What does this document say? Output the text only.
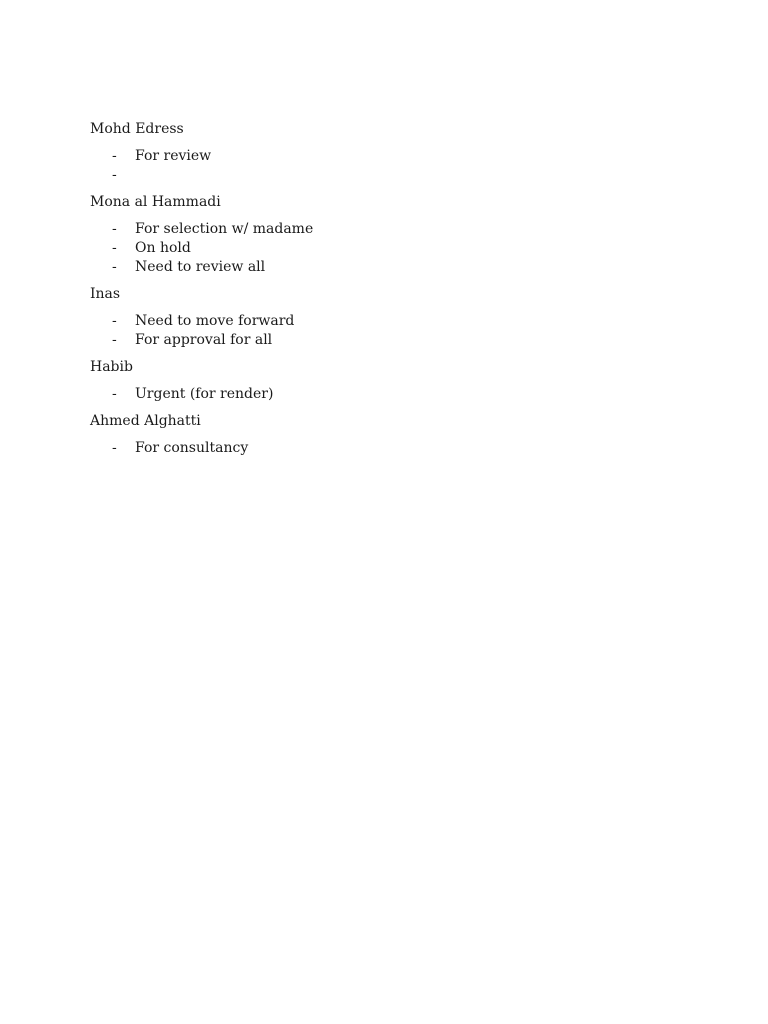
Mohd Edress
- For review
-
Mona al Hammadi
- For selection w/ madame
- On hold
- Need to review all
Inas
- Need to move forward
- For approval for all
Habib
- Urgent (for render)
Ahmed Alghatti
- For consultancy
